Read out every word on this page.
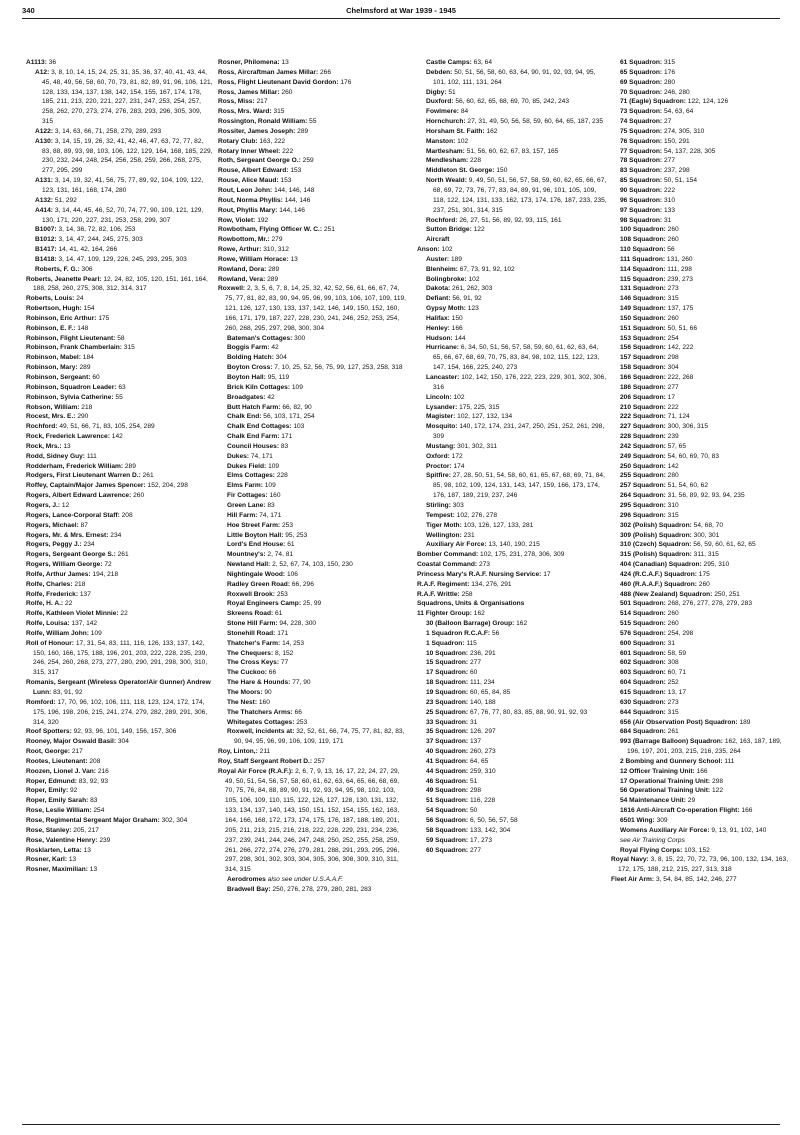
340	Chelmsford at War 1939 - 1945
A1113: 36
A12: 3, 8, 10, 14, 15, 24, 25, 31, 35, 36, 37, 40, 41, 43, 44, 45, 48, 49, 56, 58, 60, 70, 73, 81, 82, 89, 91, 96, 106, 121, 128, 133, 134, 137, 138, 142, 154, 155, 167, 174, 178, 185, 211, 213, 220, 221, 227, 231, 247, 253, 254, 257, 258, 262, 270, 273, 274, 276, 283, 293, 296, 305, 309, 315
A122: 3, 14, 63, 66, 71, 258, 279, 289, 293
A130: 3, 14, 15, 19, 26, 32, 41, 42, 46, 47, 63, 72, 77, 82, 83, 88, 89, 93, 98, 103, 106, 122, 129, 164, 168, 185, 229, 230, 232, 244, 248, 254, 256, 258, 259, 266, 268, 275, 277, 295, 299
A131: 3, 14, 19, 32, 41, 56, 75, 77, 89, 92, 104, 109, 122, 123, 131, 161, 168, 174, 280
A132: 51, 292
A414: 3, 14, 44, 45, 46, 52, 70, 74, 77, 90, 109, 121, 129, 130, 171, 220, 227, 231, 253, 258, 299, 307
B1007: 3, 14, 36, 72, 82, 106, 253
B1012: 3, 14, 47, 244, 245, 275, 303
B1417: 14, 41, 42, 164, 266
B1418: 3, 14, 47, 109, 129, 226, 245, 293, 295, 303
Roberts, F. G.: 306
Roberts, Jeanette Pearl: 12, 24, 82, 105, 120, 151, 161, 164, 188, 258, 260, 275, 308, 312, 314, 317
Roberts, Louis: 24
Robertson, Hugh: 154
Robinson, Eric Arthur: 175
Robinson, E. F.: 148
Robinson, Flight Lieutenant: 58
Robinson, Frank Chamberlain: 315
Robinson, Mabel: 184
Robinson, Mary: 289
Robinson, Sergeant: 60
Robinson, Squadron Leader: 63
Robinson, Sylvia Catherine: 55
Robson, William: 218
Rocest, Mrs. E.: 290
Rochford: 49, 51, 66, 71, 83, 105, 254, 289
Rock, Frederick Lawrence: 142
Rock, Mrs.: 13
Rodd, Sidney Guy: 111
Rodderham, Frederick William: 289
Rodgers, First Lieutenant Warren D.: 261
Roffey, Captain/Major James Spencer: 152, 204, 298
Rogers, Albert Edward Lawrence: 260
Rogers, J.: 12
Rogers, Lance-Corporal Staff: 208
Rogers, Michael: 87
Rogers, Mr. & Mrs. Ernest: 234
Rogers, Peggy J.: 234
Rogers, Sergeant George S.: 261
Rogers, William George: 72
Rolfe, Arthur James: 194, 218
Rolfe, Charles: 218
Rolfe, Frederick: 137
Rolfe, H. A.: 22
Rolfe, Kathleen Violet Minnie: 22
Rolfe, Louisa: 137, 142
Rolfe, William John: 109
Roll of Honour: 17, 31, 54, 83, 111, 116, 126, 133, 137, 142, 150, 160, 166, 175, 188, 196, 201, 203, 222, 228, 235, 239, 246, 254, 260, 268, 273, 277, 280, 290, 291, 298, 300, 310, 315, 317
Romanis, Sergeant (Wireless Operator/Air Gunner) Andrew Lunn: 83, 91, 92
Romford: 17, 70, 96, 102, 106, 111, 118, 123, 124, 172, 174, 175, 196, 198, 206, 215, 241, 274, 279, 282, 289, 291, 306, 314, 320
Roof Spotters: 92, 93, 96, 101, 149, 156, 157, 306
Rooney, Major Oswald Basil: 304
Root, George: 217
Rootes, Lieutenant: 208
Roozen, Lionel J. Van: 216
Roper, Edmund: 83, 92, 93
Roper, Emily: 92
Roper, Emily Sarah: 83
Rose, Leslie William: 254
Rose, Regimental Sergeant Major Graham: 302, 304
Rose, Stanley: 205, 217
Rose, Valentine Henry: 239
Rosklarten, Letta: 13
Rosner, Karl: 13
Rosner, Maximilian: 13
Rosner, Philomena: 13
Ross, Aircraftman James Millar: 266
Ross, Flight Lieutenant David Gordon: 176
Ross, James Millar: 260
Ross, Miss: 217
Ross, Mrs. Ward: 315
Rossington, Ronald William: 55
Rossiter, James Joseph: 289
Rotary Club: 163, 222
Rotary Inner Wheel: 222
Roth, Sergeant George O.: 259
Rouse, Albert Edward: 153
Rouse, Alice Maud: 153
Rout, Leon John: 144, 146, 148
Rout, Norma Phyllis: 144, 146
Rout, Phyllis Mary: 144, 146
Row, Violet: 192
Rowbotham, Flying Officer W. C.: 251
Rowbottom, Mr.: 279
Rowe, Arthur: 310, 312
Rowe, William Horace: 13
Rowland, Dora: 289
Rowland, Vera: 289
Roxwell: 2, 3, 5, 6, 7, 8, 14, 25, 32, 42, 52, 56, 61, 66, 67, 74, 75, 77, 81, 82, 83, 90, 94, 95, 96, 99, 103, 106, 107, 109, 119, 121, 126, 127, 130, 133, 137, 142, 146, 149, 150, 152, 160, 166, 171, 179, 187, 227, 228, 230, 241, 246, 252, 253, 254, 260, 268, 295, 297, 298, 300, 304
Bateman's Cottages: 300
Boggis Farm: 42
Bolding Hatch: 304
Boyton Cross: 7, 10, 25, 52, 56, 75, 99, 127, 253, 258, 318
Boyton Hall: 95, 119
Brick Kiln Cottages: 109
Broadgates: 42
Butt Hatch Farm: 66, 82, 90
Chalk End: 56, 103, 171, 254
Chalk End Cottages: 103
Chalk End Farm: 171
Council Houses: 83
Dukes: 74, 171
Dukes Field: 109
Elms Cottages: 228
Elms Farm: 109
Fir Cottages: 160
Green Lane: 83
Hill Farm: 74, 171
Hoe Street Farm: 253
Little Boyton Hall: 95, 253
Lord's End House: 61
Mountney's: 2, 74, 81
Newland Hall: 2, 52, 67, 74, 103, 150, 230
Nightingale Wood: 106
Radley Green Road: 66, 296
Roxwell Brook: 253
Royal Engineers Camp: 25, 99
Skreens Road: 61
Stone Hill Farm: 94, 228, 300
Stonehill Road: 171
Thatcher's Farm: 14, 253
The Chequers: 8, 152
The Cross Keys: 77
The Cuckoo: 66
The Hare & Hounds: 77, 90
The Moors: 90
The Nest: 160
The Thatchers Arms: 66
Whitegates Cottages: 253
Roxwell, incidents at: 32, 52, 61, 66, 74, 75, 77, 81, 82, 83, 90, 94, 95, 96, 99, 106, 109, 119, 171
Roy, Linton,: 211
Roy, Staff Sergeant Robert D.: 257
Royal Air Force (R.A.F.): 2, 6, 7, 9, 13, 16, 17, 22, 24, 27, 29, 49, 50, 51, 54, 56, 57, 58, 60, 61, 62, 63, 64, 65, 66, 68, 69, 70, 75, 76, 84, 88, 89, 90, 91, 92, 93, 94, 95, 98, 102, 103, 105, 106, 109, 110, 115, 122, 126, 127, 128, 130, 131, 132, 133, 134, 137, 140, 143, 150, 151, 152, 154, 155, 162, 163, 164, 166, 168, 172, 173, 174, 175, 176, 187, 188, 189, 201, 205, 211, 213, 215, 216, 218, 222, 228, 229, 231, 234, 236, 237, 239, 241, 244, 246, 247, 248, 250, 252, 255, 258, 259, 261, 266, 272, 274, 276, 279, 281, 288, 291, 293, 295, 296, 297, 298, 301, 302, 303, 304, 305, 306, 308, 309, 310, 311, 314, 315
Aerodromes also see under U.S.A.A.F.
Bradwell Bay: 250, 276, 278, 279, 280, 281, 283
Castle Camps: 63, 64
Debden: 50, 51, 56, 58, 60, 63, 64, 90, 91, 92, 93, 94, 95, 101, 102, 111, 131, 264
Digby: 51
Duxford: 56, 60, 62, 65, 68, 69, 70, 85, 242, 243
Fowlmere: 84
Hornchurch: 27, 31, 49, 50, 56, 58, 59, 60, 64, 65, 187, 235
Horsham St. Faith: 162
Manston: 102
Martlesham: 51, 56, 60, 62, 67, 83, 157, 165
Mendlesham: 228
Middleton St. George: 150
North Weald: 9, 49, 50, 51, 56, 57, 58, 59, 60, 62, 65, 66, 67, 68, 69, 72, 73, 76, 77, 83, 84, 89, 91, 96, 101, 105, 109, 118, 122, 124, 131, 133, 162, 173, 174, 176, 187, 233, 235, 237, 251, 301, 314, 315
Rochford: 26, 27, 51, 56, 89, 92, 93, 115, 161
Sutton Bridge: 122
Aircraft
Anson: 102
Auster: 189
Blenheim: 67, 73, 91, 92, 102
Bolingbroke: 102
Dakota: 261, 262, 303
Defiant: 56, 91, 92
Gypsy Moth: 123
Halifax: 150
Henley: 166
Hudson: 144
Hurricane: 6, 34, 50, 51, 56, 57, 58, 59, 60, 61, 62, 63, 64, 65, 66, 67, 68, 69, 70, 75, 83, 84, 98, 102, 115, 122, 123, 147, 154, 166, 225, 240, 273
Lancaster: 102, 142, 150, 176, 222, 223, 229, 301, 302, 306, 316
Lincoln: 102
Lysander: 175, 225, 315
Magister: 102, 127, 132, 134
Mosquito: 140, 172, 174, 231, 247, 250, 251, 252, 261, 298, 309
Mustang: 301, 302, 311
Oxford: 172
Proctor: 174
Spitfire: 27, 28, 50, 51, 54, 58, 60, 61, 65, 67, 68, 69, 71, 84, 85, 98, 102, 109, 124, 131, 143, 147, 159, 166, 173, 174, 176, 187, 189, 219, 237, 246
Stirling: 303
Tempest: 102, 276, 278
Tiger Moth: 103, 126, 127, 133, 281
Wellington: 231
Auxiliary Air Force: 13, 140, 190, 215
Bomber Command: 102, 175, 231, 278, 306, 309
Coastal Command: 273
Princess Mary's R.A.F. Nursing Service: 17
R.A.F. Regiment: 134, 276, 291
R.A.F. Writtle: 258
Squadrons, Units & Organisations
11 Fighter Group: 162
30 (Balloon Barrage) Group: 162
1 Squadron R.C.A.F: 56
1 Squadron: 115
10 Squadron: 236, 291
15 Squadron: 277
17 Squadron: 60
18 Squadron: 111, 234
19 Squadron: 60, 65, 84, 85
23 Squadron: 140, 188
25 Squadron: 67, 76, 77, 80, 83, 85, 88, 90, 91, 92, 93
33 Squadron: 31
35 Squadron: 126, 297
37 Squadron: 137
40 Squadron: 260, 273
41 Squadron: 64, 65
44 Squadron: 259, 310
46 Squadron: 51
49 Squadron: 298
51 Squadron: 116, 228
54 Squadron: 50
56 Squadron: 6, 50, 56, 57, 58
58 Squadron: 133, 142, 304
59 Squadron: 17, 273
60 Squadron: 277
61 Squadron: 315
65 Squadron: 176
69 Squadron: 280
70 Squadron: 246, 280
71 (Eagle) Squadron: 122, 124, 126
73 Squadron: 54, 63, 64
74 Squadron: 27
75 Squadron: 274, 305, 310
76 Squadron: 150, 291
77 Squadron: 54, 137, 228, 305
78 Squadron: 277
83 Squadron: 237, 298
85 Squadron: 50, 51, 154
90 Squadron: 222
96 Squadron: 310
97 Squadron: 133
98 Squadron: 31
100 Squadron: 260
108 Squadron: 260
110 Squadron: 56
111 Squadron: 131, 260
114 Squadron: 111, 298
115 Squadron: 239, 273
131 Squadron: 273
146 Squadron: 315
149 Squadron: 137, 175
150 Squadron: 260
151 Squadron: 50, 51, 66
153 Squadron: 254
156 Squadron: 142, 222
157 Squadron: 298
158 Squadron: 304
166 Squadron: 222, 268
186 Squadron: 277
206 Squadron: 17
210 Squadron: 222
222 Squadron: 71, 124
227 Squadron: 300, 306, 315
228 Squadron: 239
242 Squadron: 57, 65
249 Squadron: 54, 60, 69, 70, 83
250 Squadron: 142
255 Squadron: 280
257 Squadron: 51, 54, 60, 62
264 Squadron: 31, 56, 89, 92, 93, 94, 235
295 Squadron: 310
296 Squadron: 315
302 (Polish) Squadron: 54, 68, 70
309 (Polish) Squadron: 300, 301
310 (Czech) Squadron: 56, 59, 60, 61, 62, 65
315 (Polish) Squadron: 311, 315
404 (Canadian) Squadron: 295, 310
424 (R.C.A.F.) Squadron: 175
460 (R.A.A.F.) Squadron: 260
488 (New Zealand) Squadron: 250, 251
501 Squadron: 268, 276, 277, 278, 279, 283
514 Squadron: 260
515 Squadron: 260
576 Squadron: 254, 298
600 Squadron: 31
601 Squadron: 58, 59
602 Squadron: 308
603 Squadron: 60, 71
604 Squadron: 252
615 Squadron: 13, 17
630 Squadron: 273
644 Squadron: 315
656 (Air Observation Post) Squadron: 189
684 Squadron: 261
993 (Barrage Balloon) Squadron: 162, 163, 187, 189, 196, 197, 201, 203, 215, 216, 235, 264
2 Bombing and Gunnery School: 111
12 Officer Training Unit: 166
17 Operational Training Unit: 298
56 Operational Training Unit: 122
54 Maintenance Unit: 29
1616 Anti-Aircraft Co-operation Flight: 166
6501 Wing: 309
Womens Auxiliary Air Force: 9, 13, 91, 102, 140
see Air Training Corps
Royal Flying Corps: 103, 152
Royal Navy: 3, 8, 15, 22, 70, 72, 73, 96, 100, 132, 134, 163, 172, 175, 188, 212, 215, 227, 313, 318
Fleet Air Arm: 3, 54, 84, 85, 142, 246, 277
